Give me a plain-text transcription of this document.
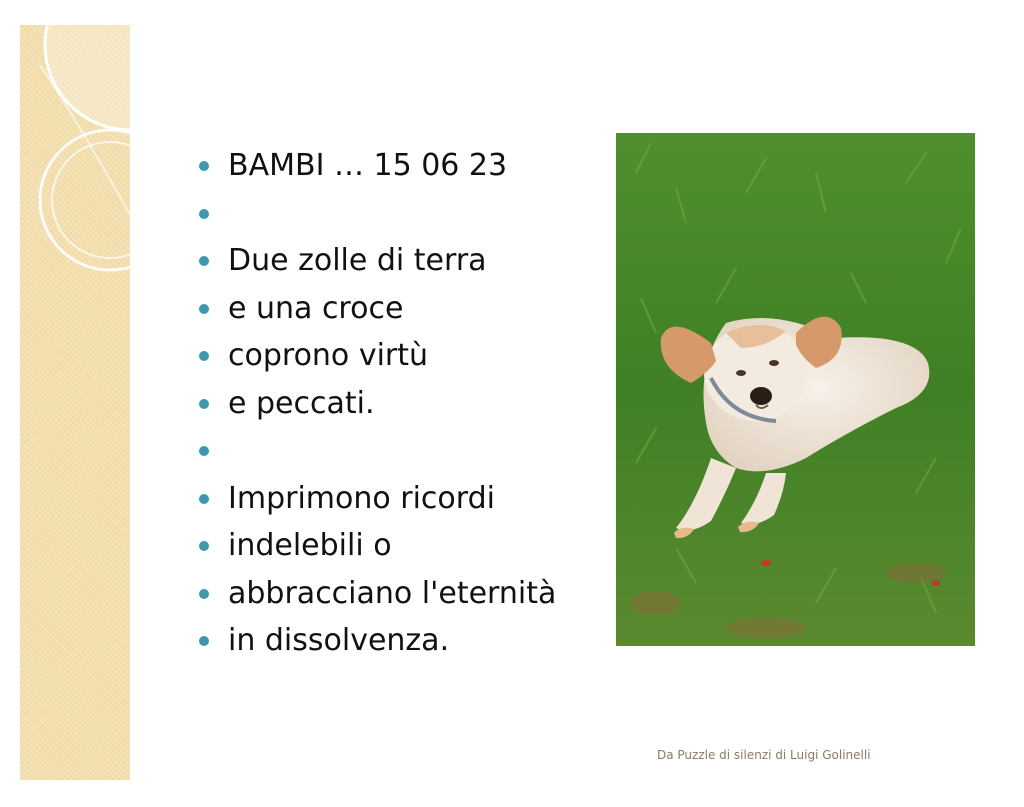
BAMBI … 15 06 23
Due zolle di terra
e una croce
coprono virtù
e peccati.
Imprimono ricordi
indelebili o
abbracciano l'eternità
in dissolvenza.
Da Puzzle di silenzi di Luigi Golinelli
